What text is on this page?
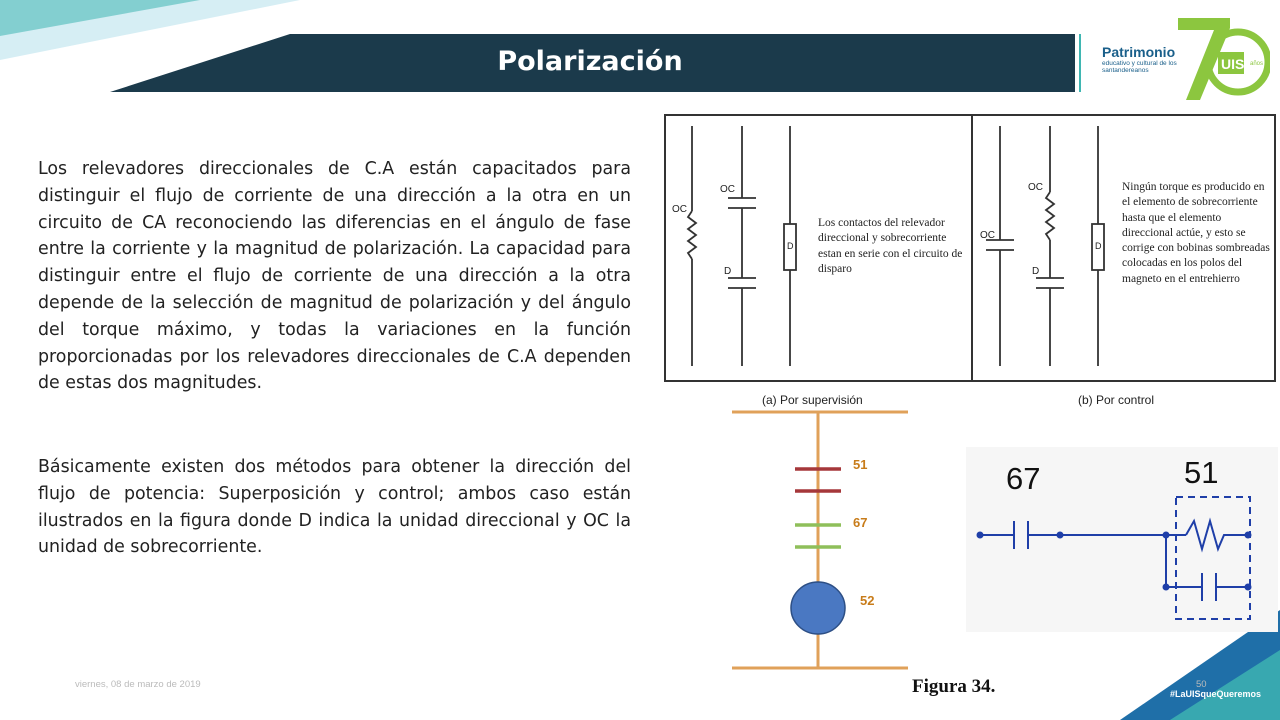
Polarización	UIS años
Patrimonio
educativo y cultural de los santandereanos
Los relevadores direccionales de C.A están capacitados para distinguir el flujo de corriente de una dirección a la otra en un circuito de CA reconociendo las diferencias en el ángulo de fase entre la corriente y la magnitud de polarización. La capacidad para distinguir entre el flujo de corriente de una dirección a la otra depende de la selección de magnitud de polarización y del ángulo del torque máximo, y todas la variaciones en la función proporcionadas por los relevadores direccionales de C.A dependen de estas dos magnitudes.
Básicamente existen dos métodos para obtener la dirección del flujo de potencia: Superposición y control; ambos caso están ilustrados en la figura donde D indica la unidad direccional y OC la unidad de sobrecorriente.
OC
OC
D
D
Los contactos del relevador direccional y sobrecorriente estan en serie con el circuito de disparo
OC
OC
D
D
Ningún torque es producido en el elemento de sobrecorriente hasta que el elemento direccional actúe, y esto se corrige con bobinas sombreadas colocadas en los polos del magneto en el entrehierro
(a) Por supervisión	(b) Por control
51
67
52
67	51
Figura 34.
viernes, 08 de marzo de 2019	50
#LaUISqueQueremos
